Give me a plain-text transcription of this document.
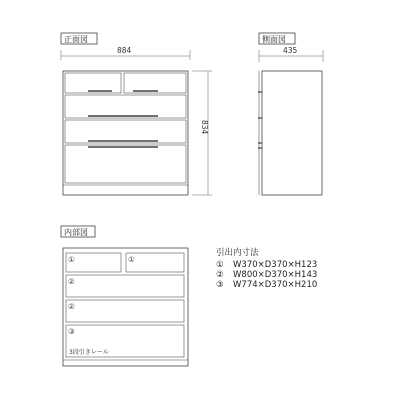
正面図
884
834
側面図
435
内部図
①	①
②
②
③
3段引きレール
引出内寸法
① W370×D370×H123
② W800×D370×H143
③ W774×D370×H210
